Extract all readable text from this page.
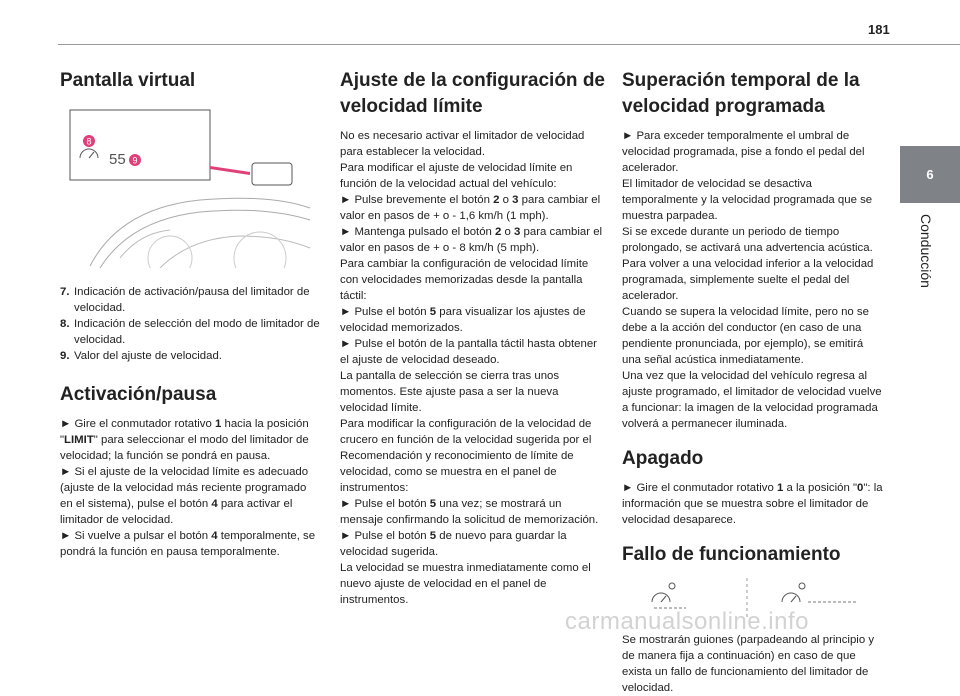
181
6
Conducción
Pantalla virtual
8
55 9
7. Indicación de activación/pausa del limitador de velocidad.
8. Indicación de selección del modo de limitador de velocidad.
9. Valor del ajuste de velocidad.
Activación/pausa

► Gire el conmutador rotativo 1 hacia la posición "LIMIT" para seleccionar el modo del limitador de velocidad; la función se pondrá en pausa.

► Si el ajuste de la velocidad límite es adecuado (ajuste de la velocidad más reciente programado en el sistema), pulse el botón 4 para activar el limitador de velocidad.

► Si vuelve a pulsar el botón 4 temporalmente, se pondrá la función en pausa temporalmente.

Ajuste de la configuración de velocidad límite

No es necesario activar el limitador de velocidad para establecer la velocidad.

Para modificar el ajuste de velocidad límite en función de la velocidad actual del vehículo:

► Pulse brevemente el botón 2 o 3 para cambiar el valor en pasos de + o - 1,6 km/h (1 mph).

► Mantenga pulsado el botón 2 o 3 para cambiar el valor en pasos de + o - 8 km/h (5 mph).

Para cambiar la configuración de velocidad límite con velocidades memorizadas desde la pantalla táctil:

► Pulse el botón 5 para visualizar los ajustes de velocidad memorizados.

► Pulse el botón de la pantalla táctil hasta obtener el ajuste de velocidad deseado.

La pantalla de selección se cierra tras unos momentos. Este ajuste pasa a ser la nueva velocidad límite.

Para modificar la configuración de la velocidad de crucero en función de la velocidad sugerida por el Recomendación y reconocimiento de límite de velocidad, como se muestra en el panel de instrumentos:

► Pulse el botón 5 una vez; se mostrará un mensaje confirmando la solicitud de memorización.

► Pulse el botón 5 de nuevo para guardar la velocidad sugerida.

La velocidad se muestra inmediatamente como el nuevo ajuste de velocidad en el panel de instrumentos.

Superación temporal de la velocidad programada

► Para exceder temporalmente el umbral de velocidad programada, pise a fondo el pedal del acelerador.

El limitador de velocidad se desactiva temporalmente y la velocidad programada que se muestra parpadea.

Si se excede durante un periodo de tiempo prolongado, se activará una advertencia acústica.

Para volver a una velocidad inferior a la velocidad programada, simplemente suelte el pedal del acelerador.

Cuando se supera la velocidad límite, pero no se debe a la acción del conductor (en caso de una pendiente pronunciada, por ejemplo), se emitirá una señal acústica inmediatamente.

Una vez que la velocidad del vehículo regresa al ajuste programado, el limitador de velocidad vuelve a funcionar: la imagen de la velocidad programada volverá a permanecer iluminada.

Apagado

► Gire el conmutador rotativo 1 a la posición "0": la información que se muestra sobre el limitador de velocidad desaparece.

Fallo de funcionamiento

Se mostrarán guiones (parpadeando al principio y de manera fija a continuación) en caso de que exista un fallo de funcionamiento del limitador de velocidad.

carmanualsonline.info
